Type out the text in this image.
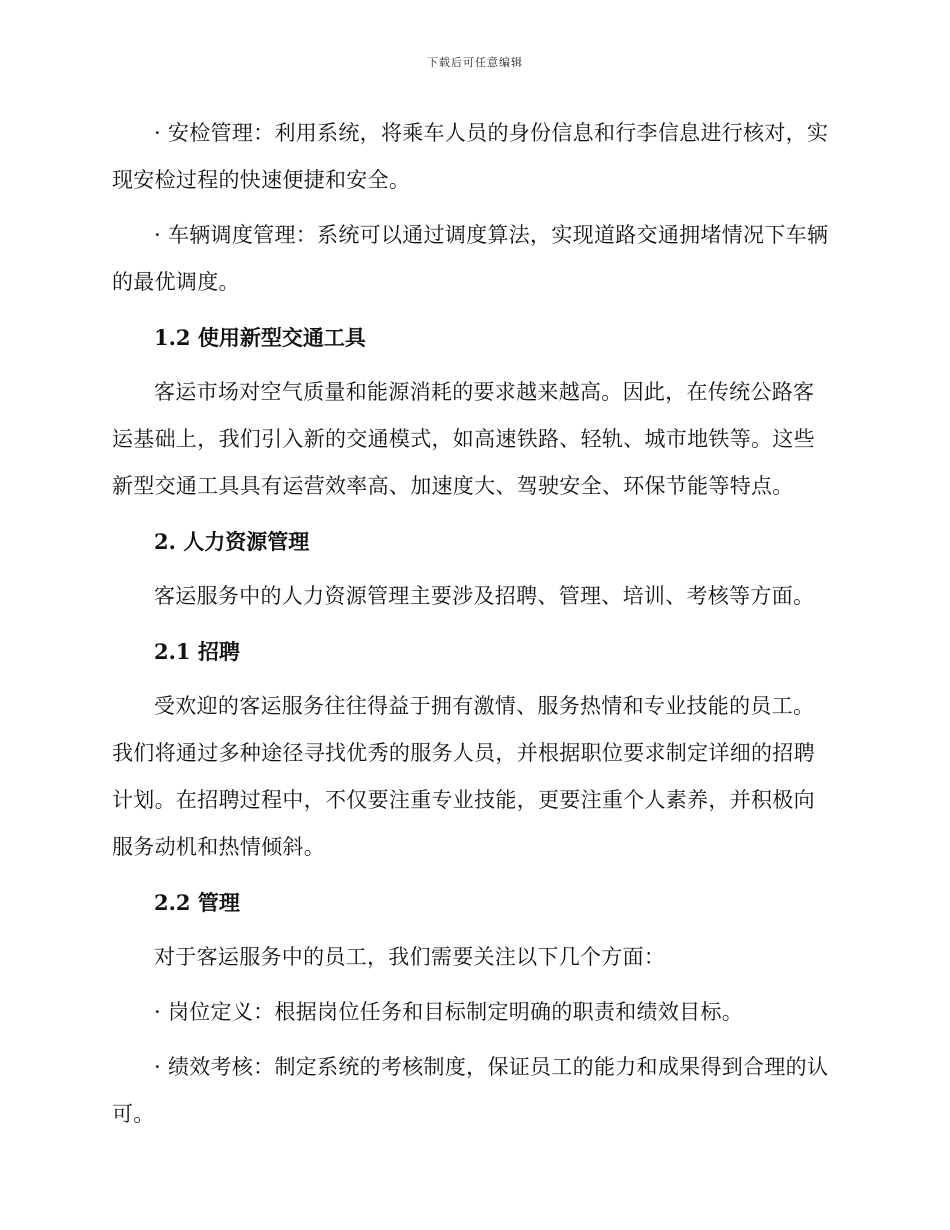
下载后可任意编辑

· 安检管理：利用系统，将乘车人员的身份信息和行李信息进行核对，实现安检过程的快速便捷和安全。

· 车辆调度管理：系统可以通过调度算法，实现道路交通拥堵情况下车辆的最优调度。

1.2 使用新型交通工具

客运市场对空气质量和能源消耗的要求越来越高。因此，在传统公路客运基础上，我们引入新的交通模式，如高速铁路、轻轨、城市地铁等。这些新型交通工具具有运营效率高、加速度大、驾驶安全、环保节能等特点。

2. 人力资源管理

客运服务中的人力资源管理主要涉及招聘、管理、培训、考核等方面。

2.1 招聘

受欢迎的客运服务往往得益于拥有激情、服务热情和专业技能的员工。我们将通过多种途径寻找优秀的服务人员，并根据职位要求制定详细的招聘计划。在招聘过程中，不仅要注重专业技能，更要注重个人素养，并积极向服务动机和热情倾斜。

2.2 管理

对于客运服务中的员工，我们需要关注以下几个方面：

· 岗位定义：根据岗位任务和目标制定明确的职责和绩效目标。

· 绩效考核：制定系统的考核制度，保证员工的能力和成果得到合理的认可。
